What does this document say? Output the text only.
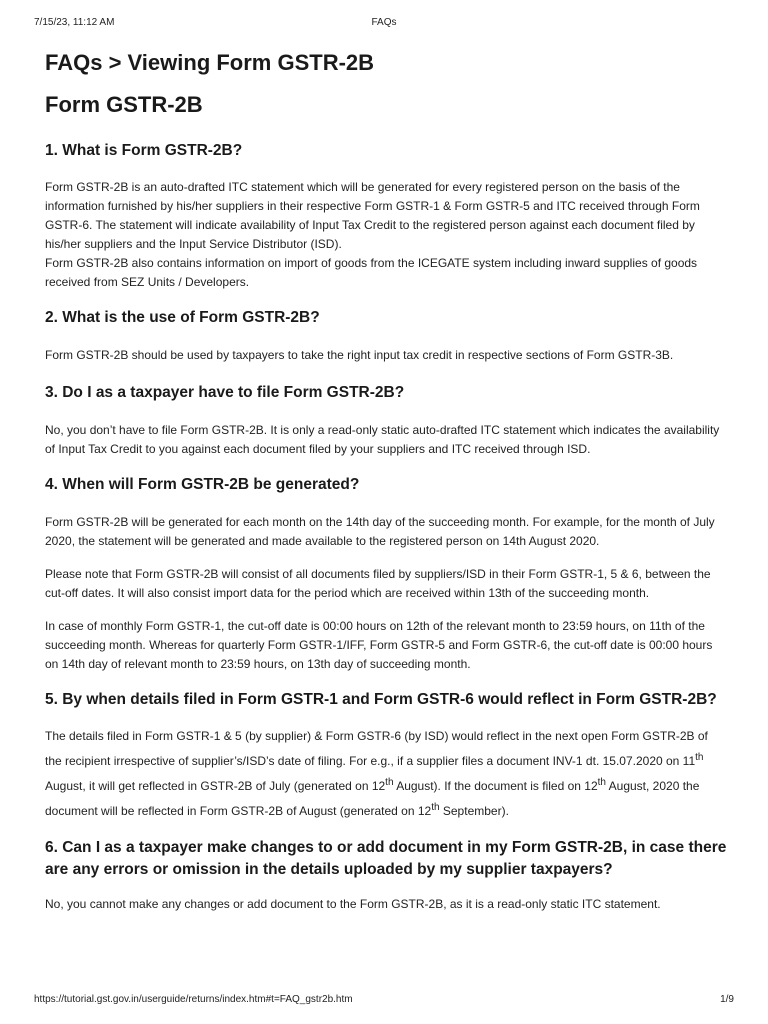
7/15/23, 11:12 AM	FAQs
FAQs > Viewing Form GSTR-2B
Form GSTR-2B
1. What is Form GSTR-2B?

Form GSTR-2B is an auto-drafted ITC statement which will be generated for every registered person on the basis of the information furnished by his/her suppliers in their respective Form GSTR-1 & Form GSTR-5 and ITC received through Form GSTR-6. The statement will indicate availability of Input Tax Credit to the registered person against each document filed by his/her suppliers and the Input Service Distributor (ISD).

Form GSTR-2B also contains information on import of goods from the ICEGATE system including inward supplies of goods received from SEZ Units / Developers.

2. What is the use of Form GSTR-2B?

Form GSTR-2B should be used by taxpayers to take the right input tax credit in respective sections of Form GSTR-3B.

3. Do I as a taxpayer have to file Form GSTR-2B?

No, you don’t have to file Form GSTR-2B. It is only a read-only static auto-drafted ITC statement which indicates the availability of Input Tax Credit to you against each document filed by your suppliers and ITC received through ISD.

4. When will Form GSTR-2B be generated?

Form GSTR-2B will be generated for each month on the 14th day of the succeeding month. For example, for the month of July 2020, the statement will be generated and made available to the registered person on 14th August 2020.

Please note that Form GSTR-2B will consist of all documents filed by suppliers/ISD in their Form GSTR-1, 5 & 6, between the cut-off dates. It will also consist import data for the period which are received within 13th of the succeeding month.

In case of monthly Form GSTR-1, the cut-off date is 00:00 hours on 12th of the relevant month to 23:59 hours, on 11th of the succeeding month. Whereas for quarterly Form GSTR-1/IFF, Form GSTR-5 and Form GSTR-6, the cut-off date is 00:00 hours on 14th day of relevant month to 23:59 hours, on 13th day of succeeding month.

5. By when details filed in Form GSTR-1 and Form GSTR-6 would reflect in Form GSTR-2B?

The details filed in Form GSTR-1 & 5 (by supplier) & Form GSTR-6 (by ISD) would reflect in the next open Form GSTR-2B of the recipient irrespective of supplier’s/ISD’s date of filing. For e.g., if a supplier files a document INV-1 dt. 15.07.2020 on 11th August, it will get reflected in GSTR-2B of July (generated on 12th August). If the document is filed on 12th August, 2020 the document will be reflected in Form GSTR-2B of August (generated on 12th September).

6. Can I as a taxpayer make changes to or add document in my Form GSTR-2B, in case there are any errors or omission in the details uploaded by my supplier taxpayers?

No, you cannot make any changes or add document to the Form GSTR-2B, as it is a read-only static ITC statement.

https://tutorial.gst.gov.in/userguide/returns/index.htm#t=FAQ_gstr2b.htm	1/9
